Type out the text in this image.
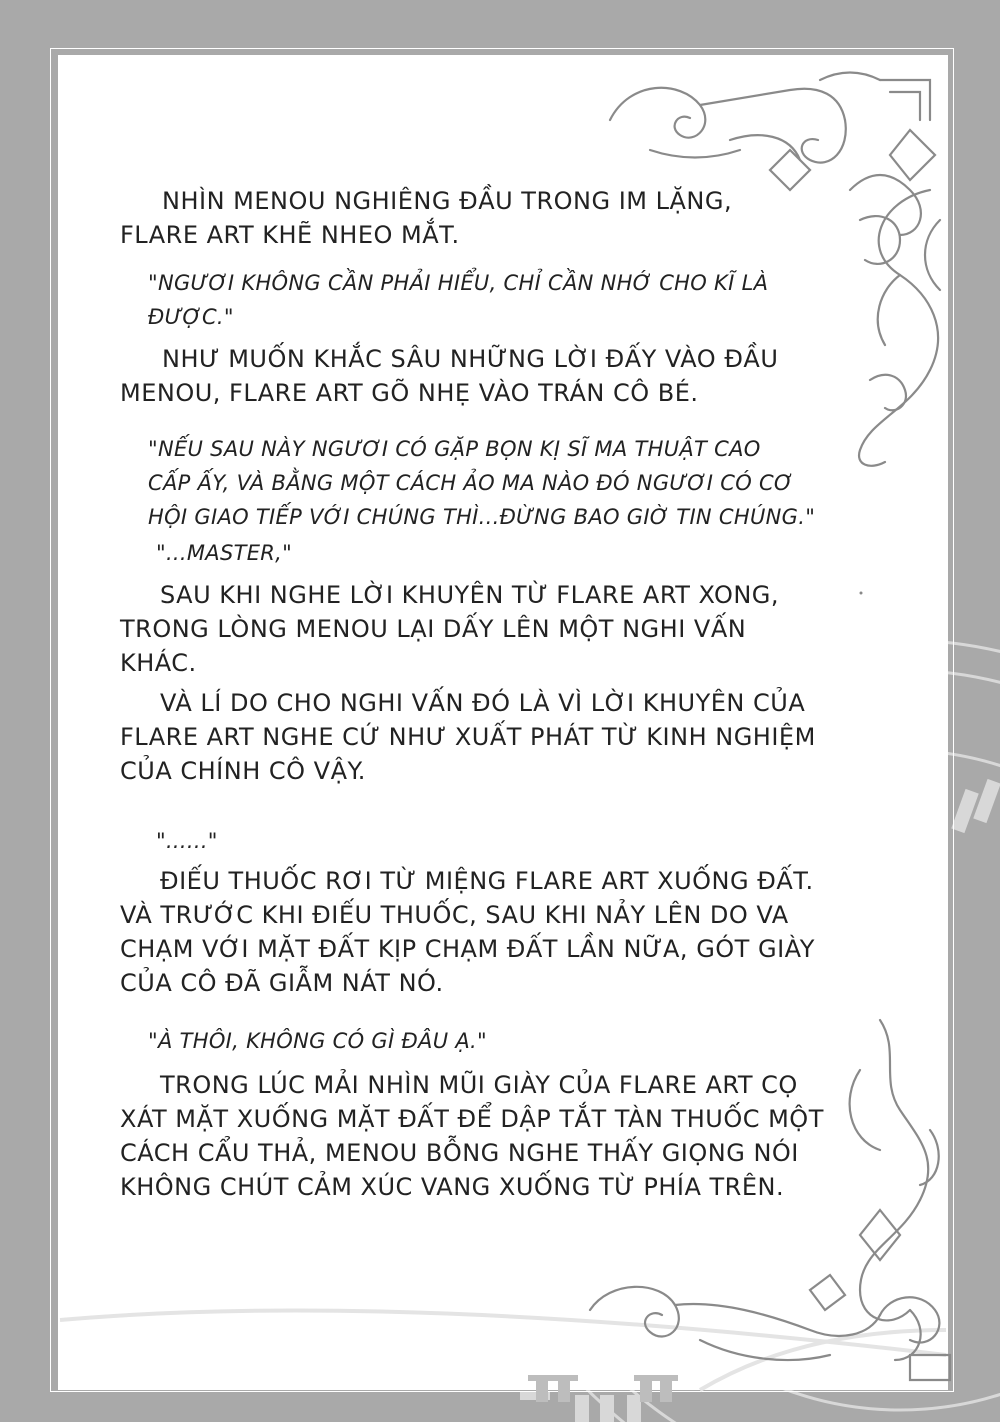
NHÌN MENOU NGHIÊNG ĐẦU TRONG IM LẶNG,
FLARE ART KHẼ NHEO MẮT.
"NGƯƠI KHÔNG CẦN PHẢI HIỂU, CHỈ CẦN NHỚ CHO KĨ LÀ
ĐƯỢC."
NHƯ MUỐN KHẮC SÂU NHỮNG LỜI ĐẤY VÀO ĐẦU
MENOU, FLARE ART GÕ NHẸ VÀO TRÁN CÔ BÉ.
"NẾU SAU NÀY NGƯƠI CÓ GẶP BỌN KỊ SĨ MA THUẬT CAO
CẤP ẤY, VÀ BẰNG MỘT CÁCH ẢO MA NÀO ĐÓ NGƯƠI CÓ CƠ
HỘI GIAO TIẾP VỚI CHÚNG THÌ...ĐỪNG BAO GIỜ TIN CHÚNG."
"...MASTER,"
SAU KHI NGHE LỜI KHUYÊN TỪ FLARE ART XONG,
TRONG LÒNG MENOU LẠI DẤY LÊN MỘT NGHI VẤN
KHÁC.
VÀ LÍ DO CHO NGHI VẤN ĐÓ LÀ VÌ LỜI KHUYÊN CỦA
FLARE ART NGHE CỨ NHƯ XUẤT PHÁT TỪ KINH NGHIỆM
CỦA CHÍNH CÔ VẬY.
"......"
ĐIẾU THUỐC RƠI TỪ MIỆNG FLARE ART XUỐNG ĐẤT.
VÀ TRƯỚC KHI ĐIẾU THUỐC, SAU KHI NẢY LÊN DO VA
CHẠM VỚI MẶT ĐẤT KỊP CHẠM ĐẤT LẦN NỮA, GÓT GIÀY
CỦA CÔ ĐÃ GIẪM NÁT NÓ.
"À THÔI, KHÔNG CÓ GÌ ĐÂU Ạ."
TRONG LÚC MẢI NHÌN MŨI GIÀY CỦA FLARE ART CỌ
XÁT MẶT XUỐNG MẶT ĐẤT ĐỂ DẬP TẮT TÀN THUỐC MỘT
CÁCH CẨU THẢ, MENOU BỖNG NGHE THẤY GIỌNG NÓI
KHÔNG CHÚT CẢM XÚC VANG XUỐNG TỪ PHÍA TRÊN.
